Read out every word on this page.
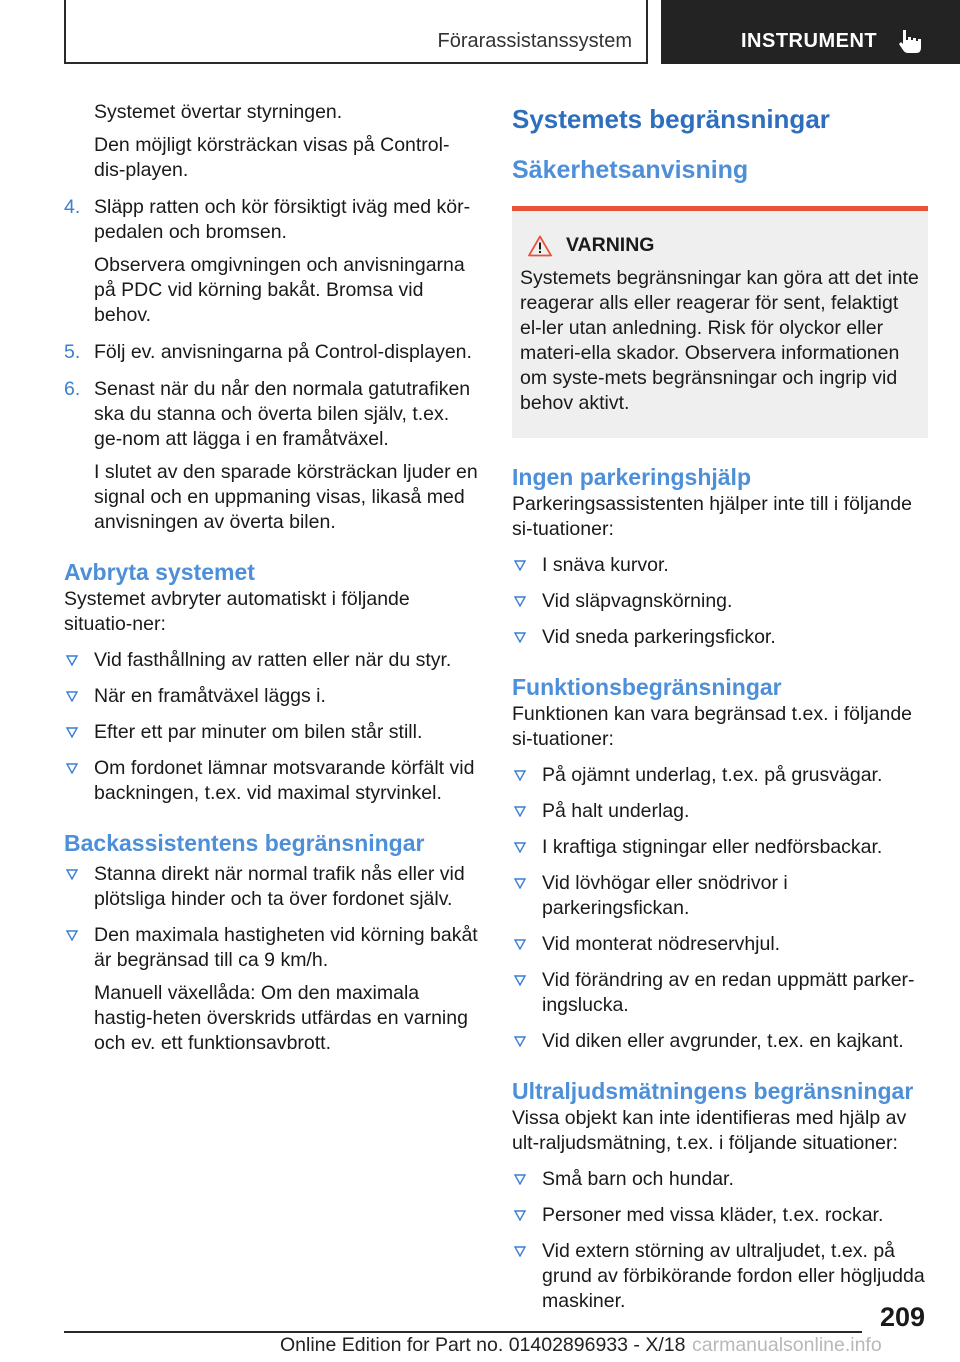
Förarassistanssystem	INSTRUMENT

Systemet övertar styrningen.

Den möjligt körsträckan visas på Control-dis-playen.

4. Släpp ratten och kör försiktigt iväg med kör-pedalen och bromsen.

Observera omgivningen och anvisningarna på PDC vid körning bakåt. Bromsa vid behov.

5. Följ ev. anvisningarna på Control-displayen.

6. Senast när du når den normala gatutrafiken ska du stanna och överta bilen själv, t.ex. ge-nom att lägga i en framåtväxel.

I slutet av den sparade körsträckan ljuder en signal och en uppmaning visas, likaså med anvisningen av överta bilen.

Avbryta systemet

Systemet avbryter automatiskt i följande situatio-ner:

Vid fasthållning av ratten eller när du styr.

När en framåtväxel läggs i.

Efter ett par minuter om bilen står still.

Om fordonet lämnar motsvarande körfält vid backningen, t.ex. vid maximal styrvinkel.

Backassistentens begränsningar

Stanna direkt när normal trafik nås eller vid plötsliga hinder och ta över fordonet själv.

Den maximala hastigheten vid körning bakåt är begränsad till ca 9 km/h.

Manuell växellåda: Om den maximala hastig-heten överskrids utfärdas en varning och ev. ett funktionsavbrott.

Systemets begränsningar
Säkerhetsanvisning
VARNING

Systemets begränsningar kan göra att det inte reagerar alls eller reagerar för sent, felaktigt el-ler utan anledning. Risk för olyckor eller materi-ella skador. Observera informationen om syste-mets begränsningar och ingrip vid behov aktivt.

Ingen parkeringshjälp

Parkeringsassistenten hjälper inte till i följande si-tuationer:

I snäva kurvor.

Vid släpvagnskörning.

Vid sneda parkeringsfickor.

Funktionsbegränsningar

Funktionen kan vara begränsad t.ex. i följande si-tuationer:

På ojämnt underlag, t.ex. på grusvägar.

På halt underlag.

I kraftiga stigningar eller nedförsbackar.

Vid lövhögar eller snödrivor i parkeringsfickan.

Vid monterat nödreservhjul.

Vid förändring av en redan uppmätt parker-ingslucka.

Vid diken eller avgrunder, t.ex. en kajkant.

Ultraljudsmätningens begränsningar

Vissa objekt kan inte identifieras med hjälp av ult-raljudsmätning, t.ex. i följande situationer:

Små barn och hundar.

Personer med vissa kläder, t.ex. rockar.

Vid extern störning av ultraljudet, t.ex. på grund av förbikörande fordon eller högljudda maskiner.

209
Online Edition for Part no. 01402896933 - X/18 carmanualsonline.info
